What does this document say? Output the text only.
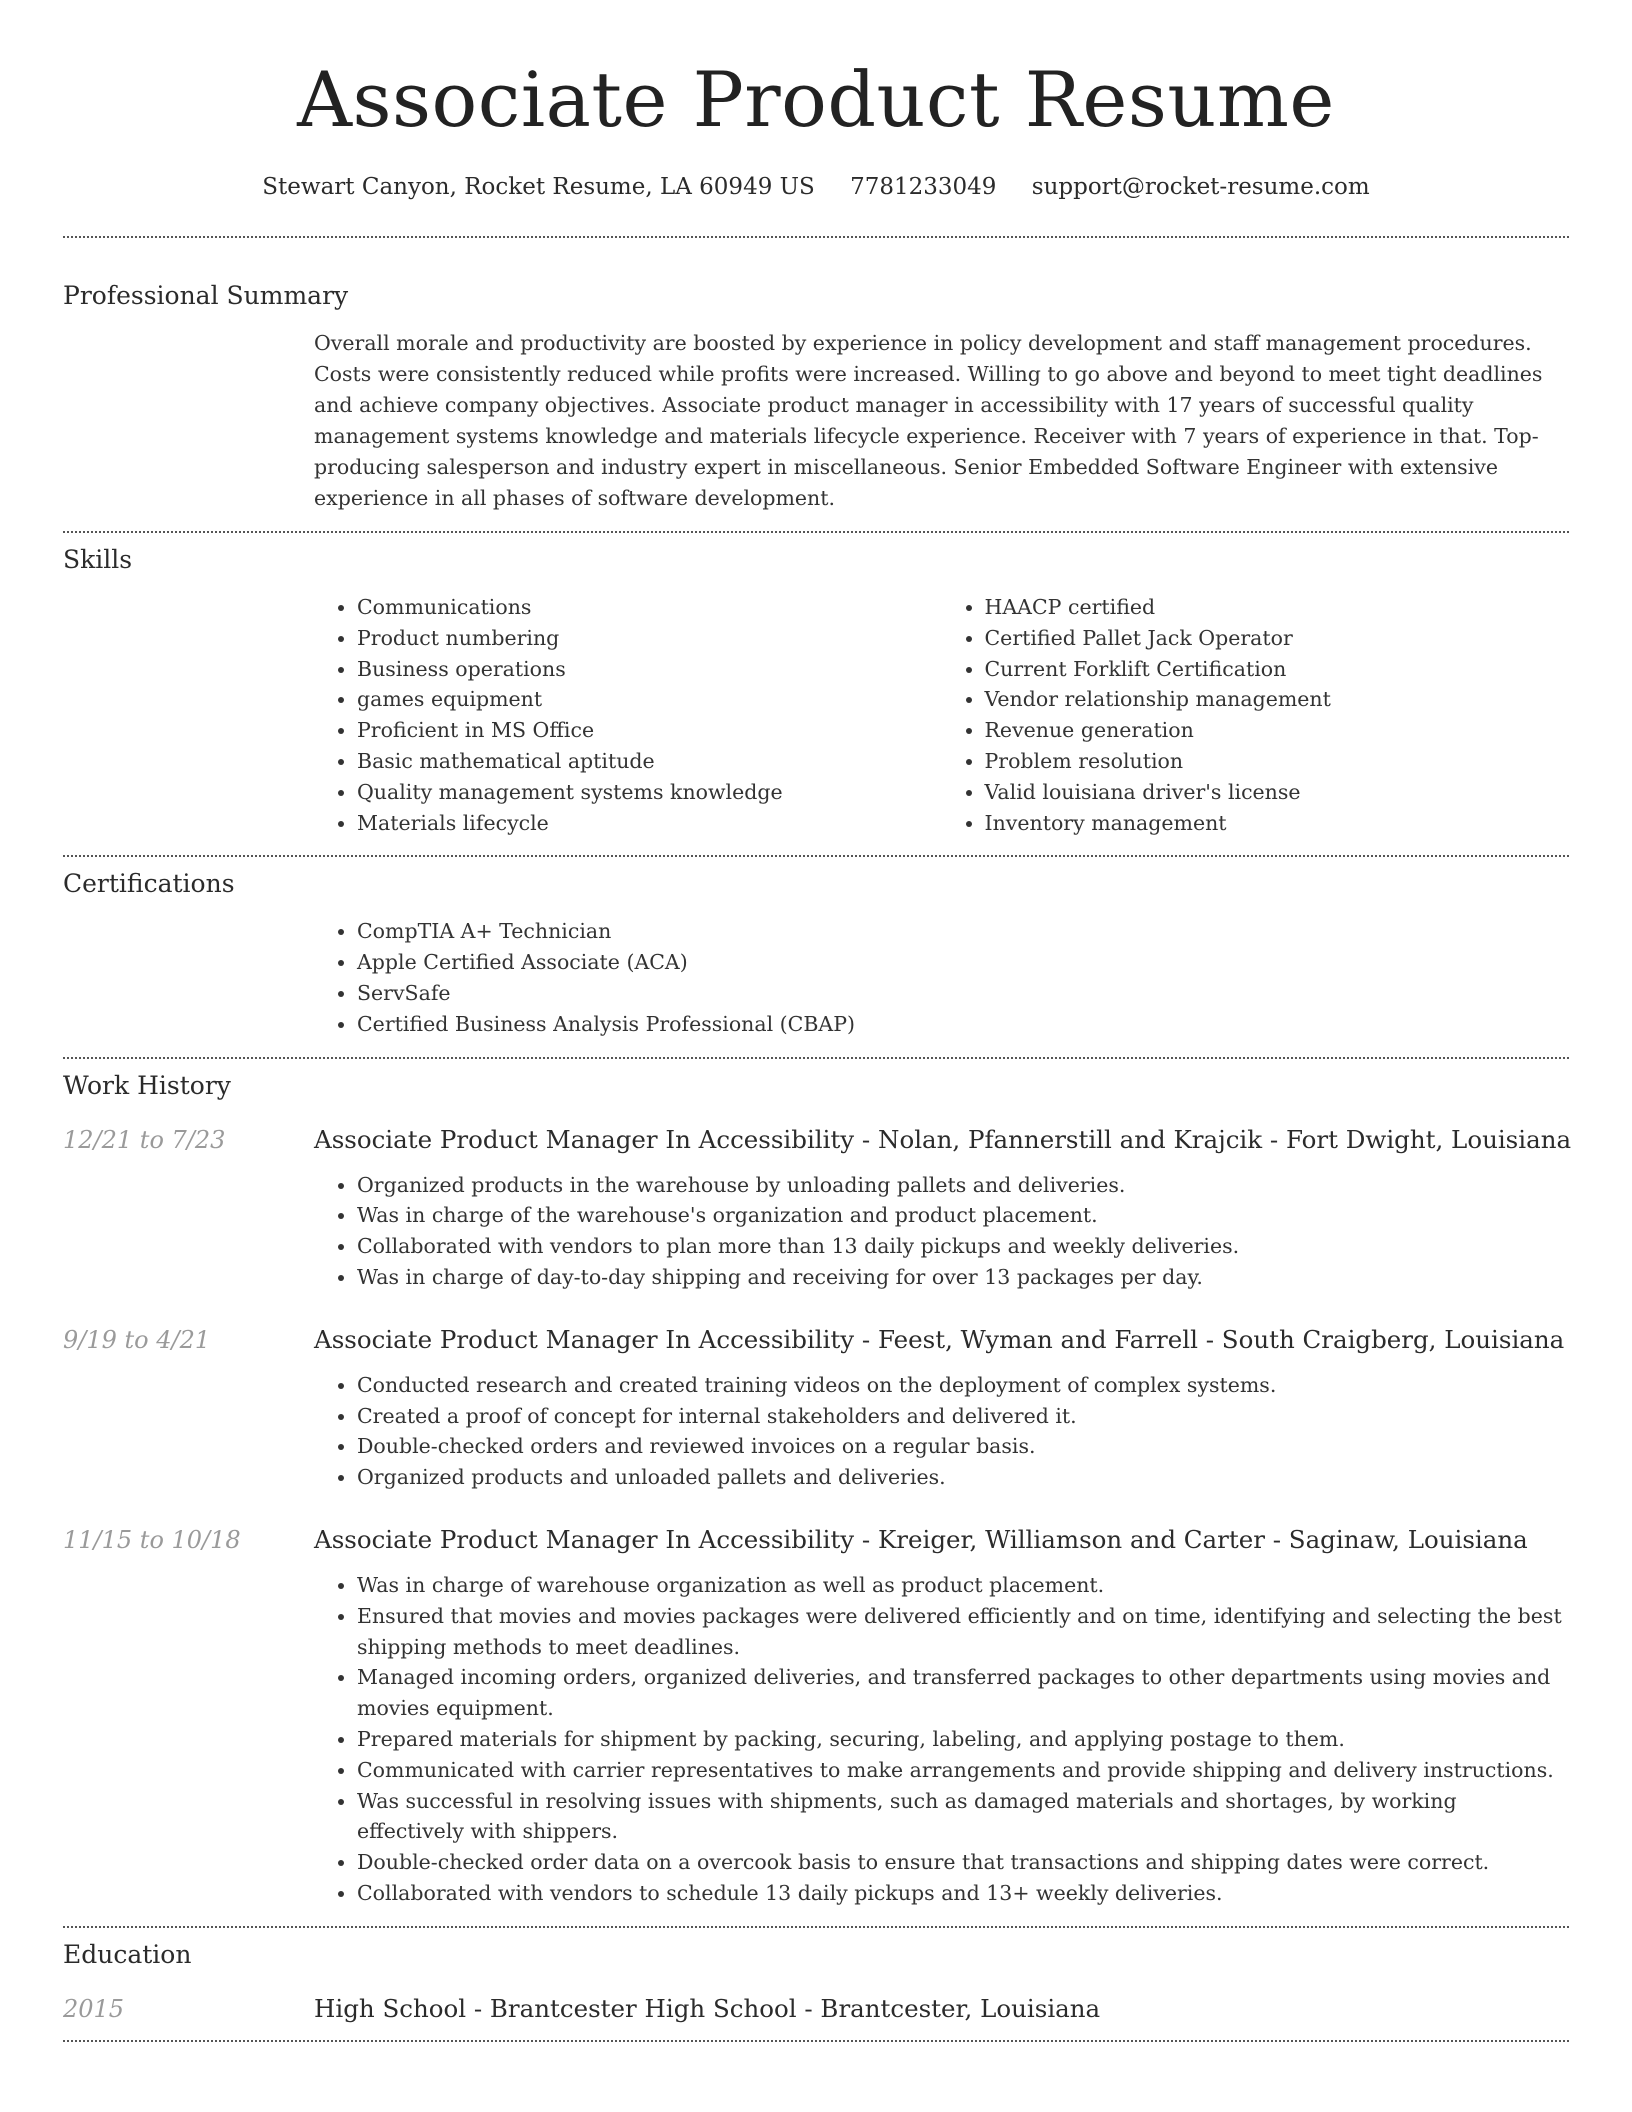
Associate Product Resume
Stewart Canyon, Rocket Resume, LA 60949 US 7781233049 support@rocket-resume.com
Professional Summary
Overall morale and productivity are boosted by experience in policy development and staff management procedures. Costs were consistently reduced while profits were increased. Willing to go above and beyond to meet tight deadlines and achieve company objectives. Associate product manager in accessibility with 17 years of successful quality management systems knowledge and materials lifecycle experience. Receiver with 7 years of experience in that. Top-producing salesperson and industry expert in miscellaneous. Senior Embedded Software Engineer with extensive experience in all phases of software development.
Skills
• Communications
• Product numbering
• Business operations
• games equipment
• Proficient in MS Office
• Basic mathematical aptitude
• Quality management systems knowledge
• Materials lifecycle
• HAACP certified
• Certified Pallet Jack Operator
• Current Forklift Certification
• Vendor relationship management
• Revenue generation
• Problem resolution
• Valid louisiana driver's license
• Inventory management
Certifications
• CompTIA A+ Technician
• Apple Certified Associate (ACA)
• ServSafe
• Certified Business Analysis Professional (CBAP)
Work History
12/21 to 7/23	Associate Product Manager In Accessibility - Nolan, Pfannerstill and Krajcik - Fort Dwight, Louisiana
• Organized products in the warehouse by unloading pallets and deliveries.
• Was in charge of the warehouse's organization and product placement.
• Collaborated with vendors to plan more than 13 daily pickups and weekly deliveries.
• Was in charge of day-to-day shipping and receiving for over 13 packages per day.
9/19 to 4/21	Associate Product Manager In Accessibility - Feest, Wyman and Farrell - South Craigberg, Louisiana
• Conducted research and created training videos on the deployment of complex systems.
• Created a proof of concept for internal stakeholders and delivered it.
• Double-checked orders and reviewed invoices on a regular basis.
• Organized products and unloaded pallets and deliveries.
11/15 to 10/18	Associate Product Manager In Accessibility - Kreiger, Williamson and Carter - Saginaw, Louisiana
• Was in charge of warehouse organization as well as product placement.
• Ensured that movies and movies packages were delivered efficiently and on time, identifying and selecting the best shipping methods to meet deadlines.
• Managed incoming orders, organized deliveries, and transferred packages to other departments using movies and movies equipment.
• Prepared materials for shipment by packing, securing, labeling, and applying postage to them.
• Communicated with carrier representatives to make arrangements and provide shipping and delivery instructions.
• Was successful in resolving issues with shipments, such as damaged materials and shortages, by working effectively with shippers.
• Double-checked order data on a overcook basis to ensure that transactions and shipping dates were correct.
• Collaborated with vendors to schedule 13 daily pickups and 13+ weekly deliveries.
Education
2015	High School - Brantcester High School - Brantcester, Louisiana
